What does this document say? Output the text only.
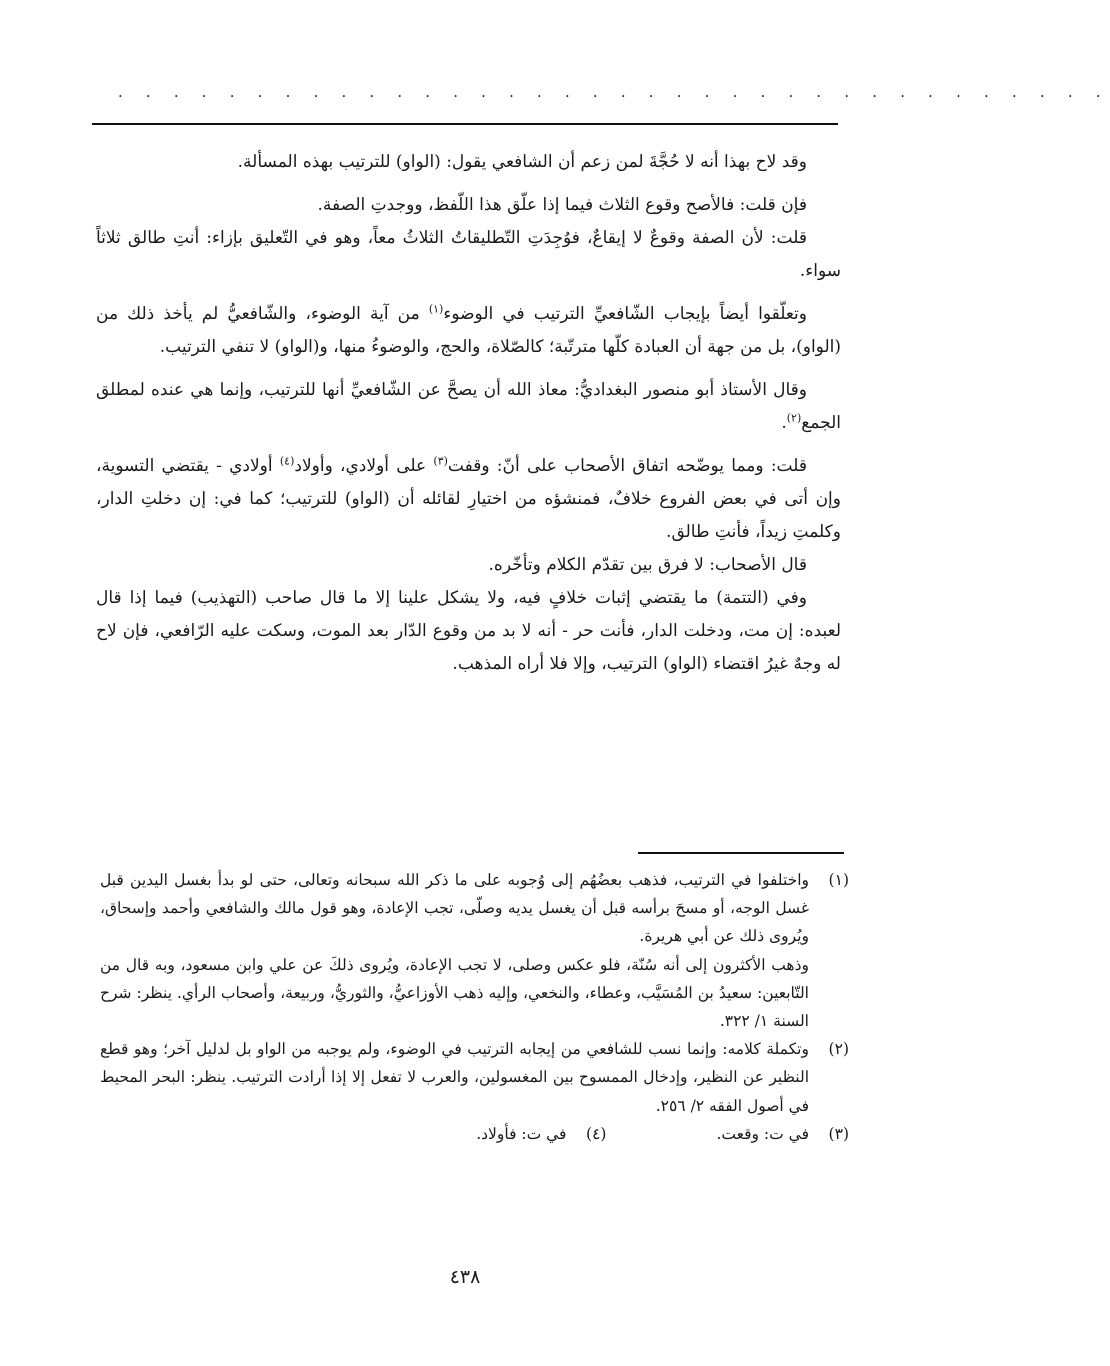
· · · · · · · · · · · · · · · · · · · · · · · · · · · · · · · · · · · ·

وقد لاح بهذا أنه لا حُجَّةَ لمن زعم أن الشافعي يقول: (الواو) للترتيب بهذه المسألة.

فإن قلت: فالأصح وقوع الثلاث فيما إذا علّق هذا اللّفظ، ووجدتِ الصفة.

قلت: لأن الصفة وقوعٌ لا إيقاعٌ، فوُجِدَتِ التّطليقاتُ الثلاثُ معاً، وهو في التّعليق بإزاء: أنتِ طالق ثلاثاً سواء.

وتعلّقوا أيضاً بإيجاب الشّافعيِّ الترتيب في الوضوء$^{(١)}$ من آية الوضوء، والشّافعيُّ لم يأخذ ذلك من (الواو)، بل من جهة أن العبادة كلّها مترتّبة؛ كالصّلاة، والحج، والوضوءُ منها، و(الواو) لا تنفي الترتيب.

وقال الأستاذ أبو منصور البغداديُّ: معاذ الله أن يصحَّ عن الشّافعيِّ أنها للترتيب، وإنما هي عنده لمطلق الجمع$^{(٢)}$.

قلت: ومما يوضّحه اتفاق الأصحاب على أنّ: وقفت$^{(٣)}$ على أولادي، وأولاد$^{(٤)}$ أولادي - يقتضي التسوية، وإن أتى في بعض الفروع خلافٌ، فمنشؤه من اختيارِ لقائله أن (الواو) للترتيب؛ كما في: إن دخلتِ الدار، وكلمتِ زيداً، فأنتِ طالق.

قال الأصحاب: لا فرق بين تقدّم الكلام وتأخّره.

وفي (التتمة) ما يقتضي إثبات خلافٍ فيه، ولا يشكل علينا إلا ما قال صاحب (التهذيب) فيما إذا قال لعبده: إن مت، ودخلت الدار، فأنت حر - أنه لا بد من وقوع الدّار بعد الموت، وسكت عليه الرّافعي، فإن لاح له وجهٌ غيرُ اقتضاء (الواو) الترتيب، وإلا فلا أراه المذهب.

(١)

واختلفوا في الترتيب، فذهب بعضُهُم إلى وُجوبه على ما ذكر الله سبحانه وتعالى، حتى لو بدأ بغسل اليدين قبل غسل الوجه، أو مسحَ برأسه قبل أن يغسل يديه وصلّى، تجب الإعادة، وهو قول مالك والشافعي وأحمد وإسحاق، ويُروى ذلك عن أبي هريرة.

وذهب الأكثرون إلى أنه سُنّة، فلو عكس وصلى، لا تجب الإعادة، ويُروى ذلكَ عن علي وابن مسعود، وبه قال من التّابعين: سعيدُ بن المُسَيَّب، وعطاء، والنخعي، وإليه ذهب الأوزاعيُّ، والثوريُّ، وربيعة، وأصحاب الرأي. ينظر: شرح السنة ١/ ٣٢٢.

(٢)

وتكملة كلامه: وإنما نسب للشافعي من إيجابه الترتيب في الوضوء، ولم يوجبه من الواو بل لدليل آخر؛ وهو قطع النظير عن النظير، وإدخال الممسوح بين المغسولين، والعرب لا تفعل إلا إذا أرادت الترتيب. ينظر: البحر المحيط في أصول الفقه ٢/ ٢٥٦.

(٣)
في ت: وقعت.
(٤)
في ت: فأولاد.
٤٣٨
